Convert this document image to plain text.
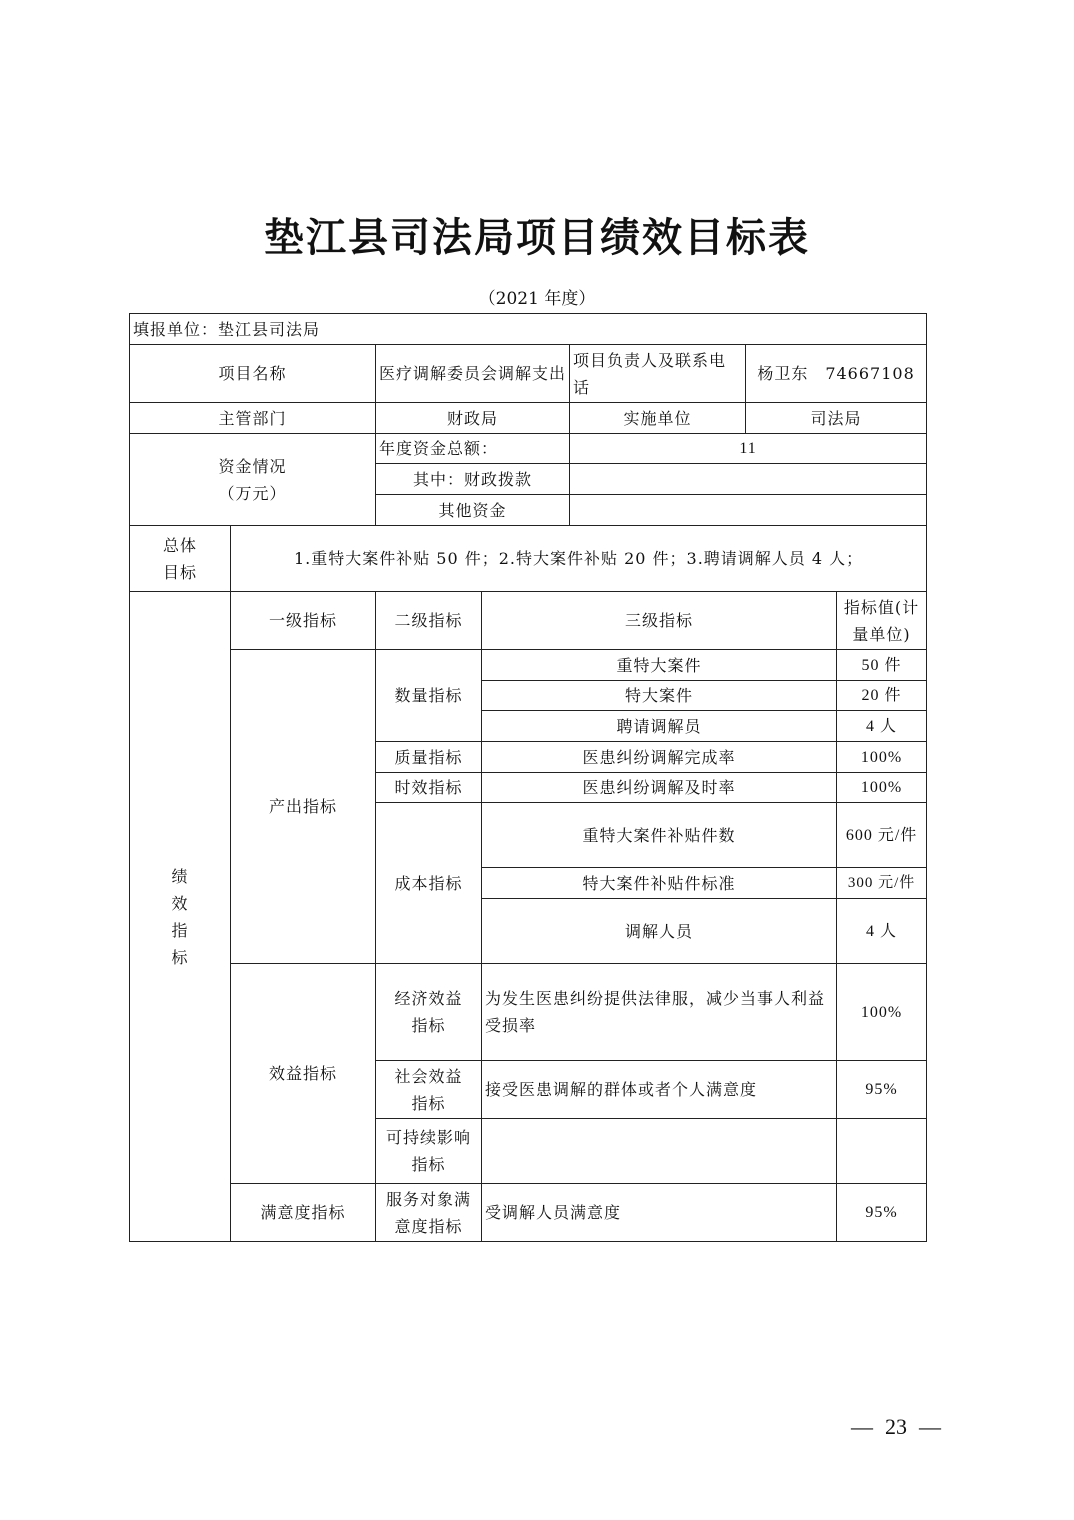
垫江县司法局项目绩效目标表
（2021 年度）
填报单位：垫江县司法局						
项目名称		医疗调解委员会调解支出		项目负责人及联系电话	杨卫东　74667108	
主管部门		财政局		实施单位	司法局	

资金情况
（万元）		年度资金总额：		11		
		其中：财政拨款				
		其他资金				

总体
目标	1.重特大案件补贴 50 件；2.特大案件补贴 20 件；3.聘请调解人员 4 人；					

绩
效
指
标	一级指标	二级指标	三级指标			指标值(计量单位)
	产出指标	数量指标	重特大案件			50 件
			特大案件			20 件
			聘请调解员			4 人
		质量指标	医患纠纷调解完成率			100%
		时效指标	医患纠纷调解及时率			100%
		成本指标	重特大案件补贴件数			600 元/件
			特大案件补贴件标准			300 元/件
			调解人员			4 人
	效益指标	经济效益指标	为发生医患纠纷提供法律服，减少当事人利益受损率			100%

		社会效益指标	接受医患调解的群体或者个人满意度			95%

		可持续影响指标				

	满意度指标	服务对象满意度指标	受调解人员满意度			95%
— 23 —
